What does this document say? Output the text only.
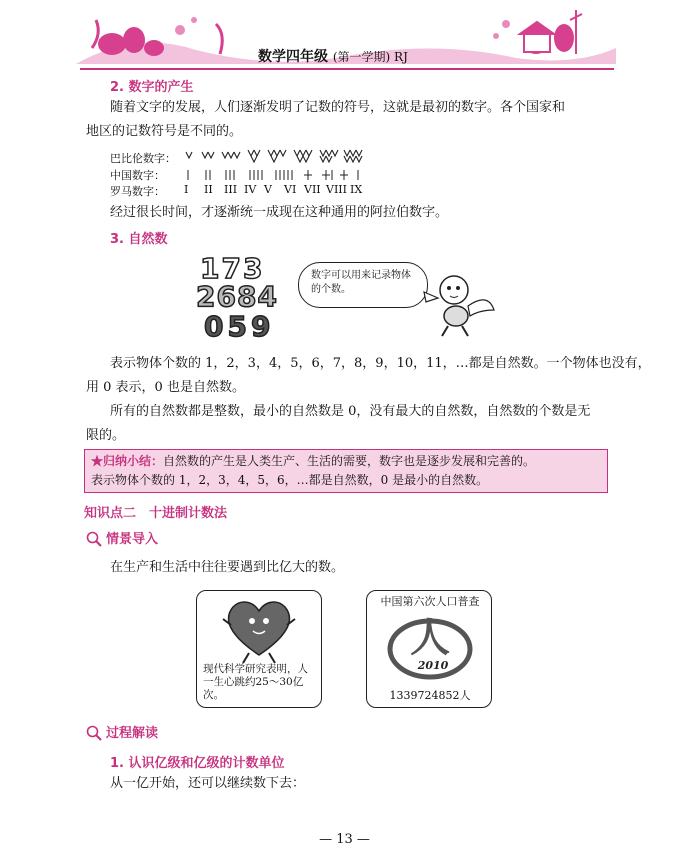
数学四年级 (第一学期) RJ
2. 数字的产生
随着文字的发展，人们逐渐发明了记数的符号，这就是最初的数字。各个国家和
地区的记数符号是不同的。
巴比伦数字：
中国数字：
罗马数字： I II III IV V VI VII VIII IX
经过很长时间，才逐渐统一成现在这种通用的阿拉伯数字。
3. 自然数
173
2684
059
数字可以用来记录物体的个数。
表示物体个数的 1，2，3，4，5，6，7，8，9，10，11，…都是自然数。一个物体也没有，
用 0 表示，0 也是自然数。
所有的自然数都是整数，最小的自然数是 0，没有最大的自然数，自然数的个数是无
限的。
★归纳小结：自然数的产生是人类生产、生活的需要，数字也是逐步发展和完善的。
表示物体个数的 1，2，3，4，5，6，…都是自然数，0 是最小的自然数。
知识点二　十进制计数法
情景导入
在生产和生活中往往要遇到比亿大的数。
现代科学研究表明，人一生心跳约25～30亿次。
中国第六次人口普查
人
2010
1339724852人
过程解读
1. 认识亿级和亿级的计数单位
从一亿开始，还可以继续数下去：
— 13 —
